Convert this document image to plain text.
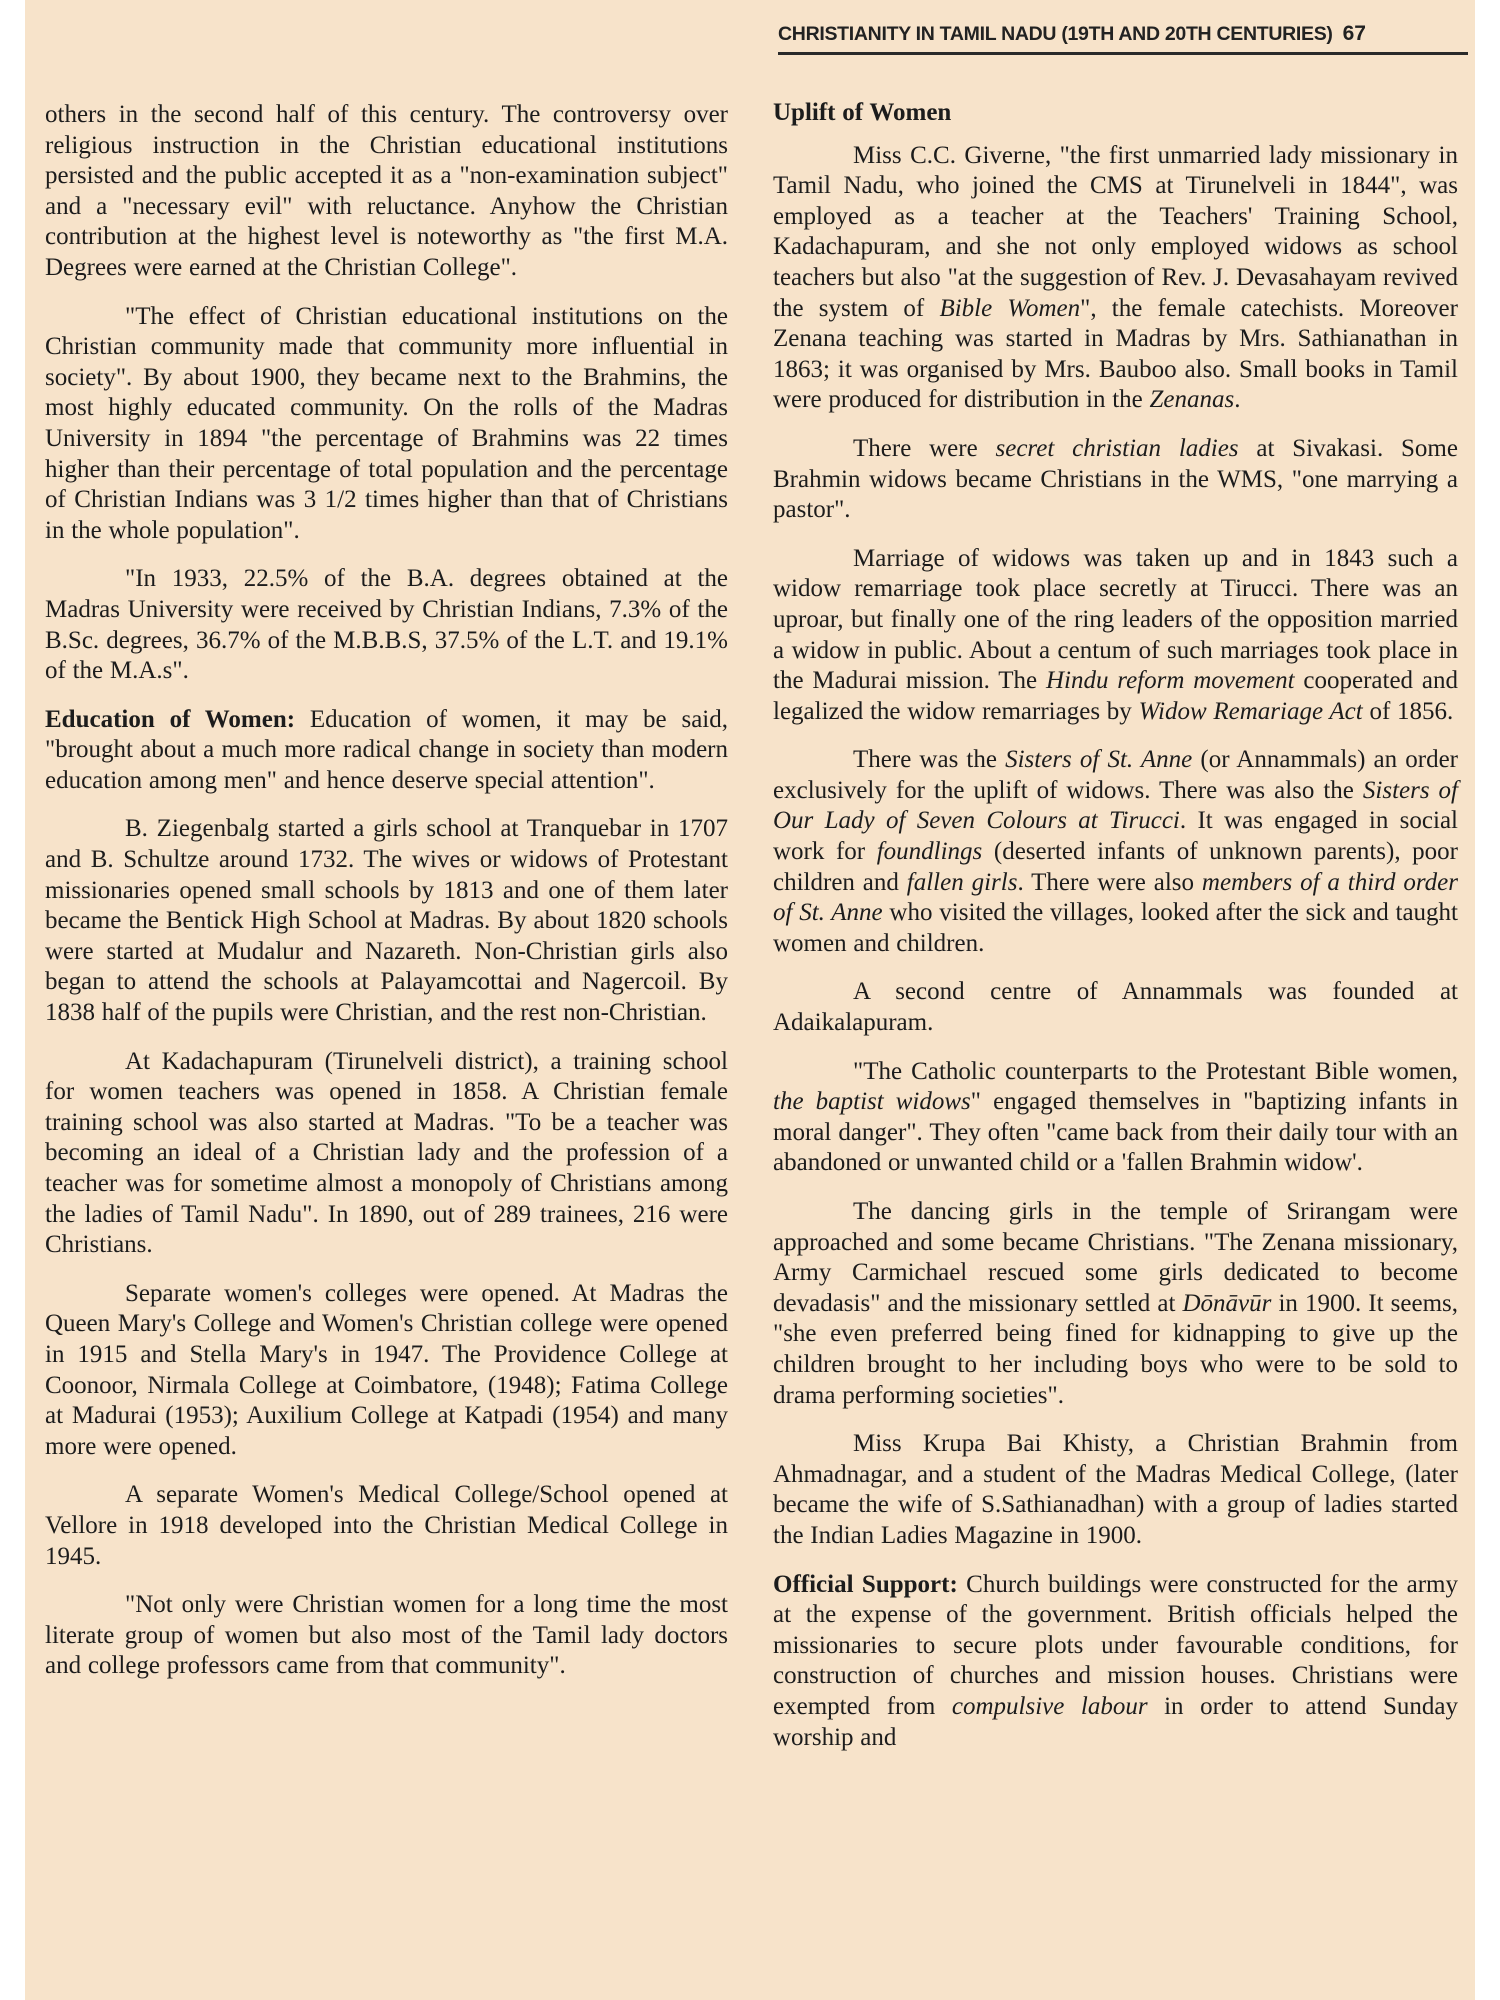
CHRISTIANITY IN TAMIL NADU (19TH AND 20TH CENTURIES) 67

others in the second half of this century. The controversy over religious instruction in the Christian educational institutions persisted and the public accepted it as a "non-examination subject" and a "necessary evil" with reluctance. Anyhow the Christian contribution at the highest level is noteworthy as "the first M.A. Degrees were earned at the Christian College".

"The effect of Christian educational institutions on the Christian community made that community more influential in society". By about 1900, they became next to the Brahmins, the most highly educated community. On the rolls of the Madras University in 1894 "the percentage of Brahmins was 22 times higher than their percentage of total population and the percentage of Christian Indians was 3 1/2 times higher than that of Christians in the whole population".

"In 1933, 22.5% of the B.A. degrees obtained at the Madras University were received by Christian Indians, 7.3% of the B.Sc. degrees, 36.7% of the M.B.B.S, 37.5% of the L.T. and 19.1% of the M.A.s".

Education of Women: Education of women, it may be said, "brought about a much more radical change in society than modern education among men" and hence deserve special attention".

B. Ziegenbalg started a girls school at Tranquebar in 1707 and B. Schultze around 1732. The wives or widows of Protestant missionaries opened small schools by 1813 and one of them later became the Bentick High School at Madras. By about 1820 schools were started at Mudalur and Nazareth. Non-Christian girls also began to attend the schools at Palayamcottai and Nagercoil. By 1838 half of the pupils were Christian, and the rest non-Christian.

At Kadachapuram (Tirunelveli district), a training school for women teachers was opened in 1858. A Christian female training school was also started at Madras. "To be a teacher was becoming an ideal of a Christian lady and the profession of a teacher was for sometime almost a monopoly of Christians among the ladies of Tamil Nadu". In 1890, out of 289 trainees, 216 were Christians.

Separate women's colleges were opened. At Madras the Queen Mary's College and Women's Christian college were opened in 1915 and Stella Mary's in 1947. The Providence College at Coonoor, Nirmala College at Coimbatore, (1948); Fatima College at Madurai (1953); Auxilium College at Katpadi (1954) and many more were opened.

A separate Women's Medical College/School opened at Vellore in 1918 developed into the Christian Medical College in 1945.

"Not only were Christian women for a long time the most literate group of women but also most of the Tamil lady doctors and college professors came from that community".

Uplift of Women

Miss C.C. Giverne, "the first unmarried lady missionary in Tamil Nadu, who joined the CMS at Tirunelveli in 1844", was employed as a teacher at the Teachers' Training School, Kadachapuram, and she not only employed widows as school teachers but also "at the suggestion of Rev. J. Devasahayam revived the system of Bible Women", the female catechists. Moreover Zenana teaching was started in Madras by Mrs. Sathianathan in 1863; it was organised by Mrs. Bauboo also. Small books in Tamil were produced for distribution in the Zenanas.

There were secret christian ladies at Sivakasi. Some Brahmin widows became Christians in the WMS, "one marrying a pastor".

Marriage of widows was taken up and in 1843 such a widow remarriage took place secretly at Tirucci. There was an uproar, but finally one of the ring leaders of the opposition married a widow in public. About a centum of such marriages took place in the Madurai mission. The Hindu reform movement cooperated and legalized the widow remarriages by Widow Remariage Act of 1856.

There was the Sisters of St. Anne (or Annammals) an order exclusively for the uplift of widows. There was also the Sisters of Our Lady of Seven Colours at Tirucci. It was engaged in social work for foundlings (deserted infants of unknown parents), poor children and fallen girls. There were also members of a third order of St. Anne who visited the villages, looked after the sick and taught women and children.

A second centre of Annammals was founded at Adaikalapuram.

"The Catholic counterparts to the Protestant Bible women, the baptist widows" engaged themselves in "baptizing infants in moral danger". They often "came back from their daily tour with an abandoned or unwanted child or a 'fallen Brahmin widow'.

The dancing girls in the temple of Srirangam were approached and some became Christians. "The Zenana missionary, Army Carmichael rescued some girls dedicated to become devadasis" and the missionary settled at Dōnāvūr in 1900. It seems, "she even preferred being fined for kidnapping to give up the children brought to her including boys who were to be sold to drama performing societies".

Miss Krupa Bai Khisty, a Christian Brahmin from Ahmadnagar, and a student of the Madras Medical College, (later became the wife of S.Sathianadhan) with a group of ladies started the Indian Ladies Magazine in 1900.

Official Support: Church buildings were constructed for the army at the expense of the government. British officials helped the missionaries to secure plots under favourable conditions, for construction of churches and mission houses. Christians were exempted from compulsive labour in order to attend Sunday worship and
